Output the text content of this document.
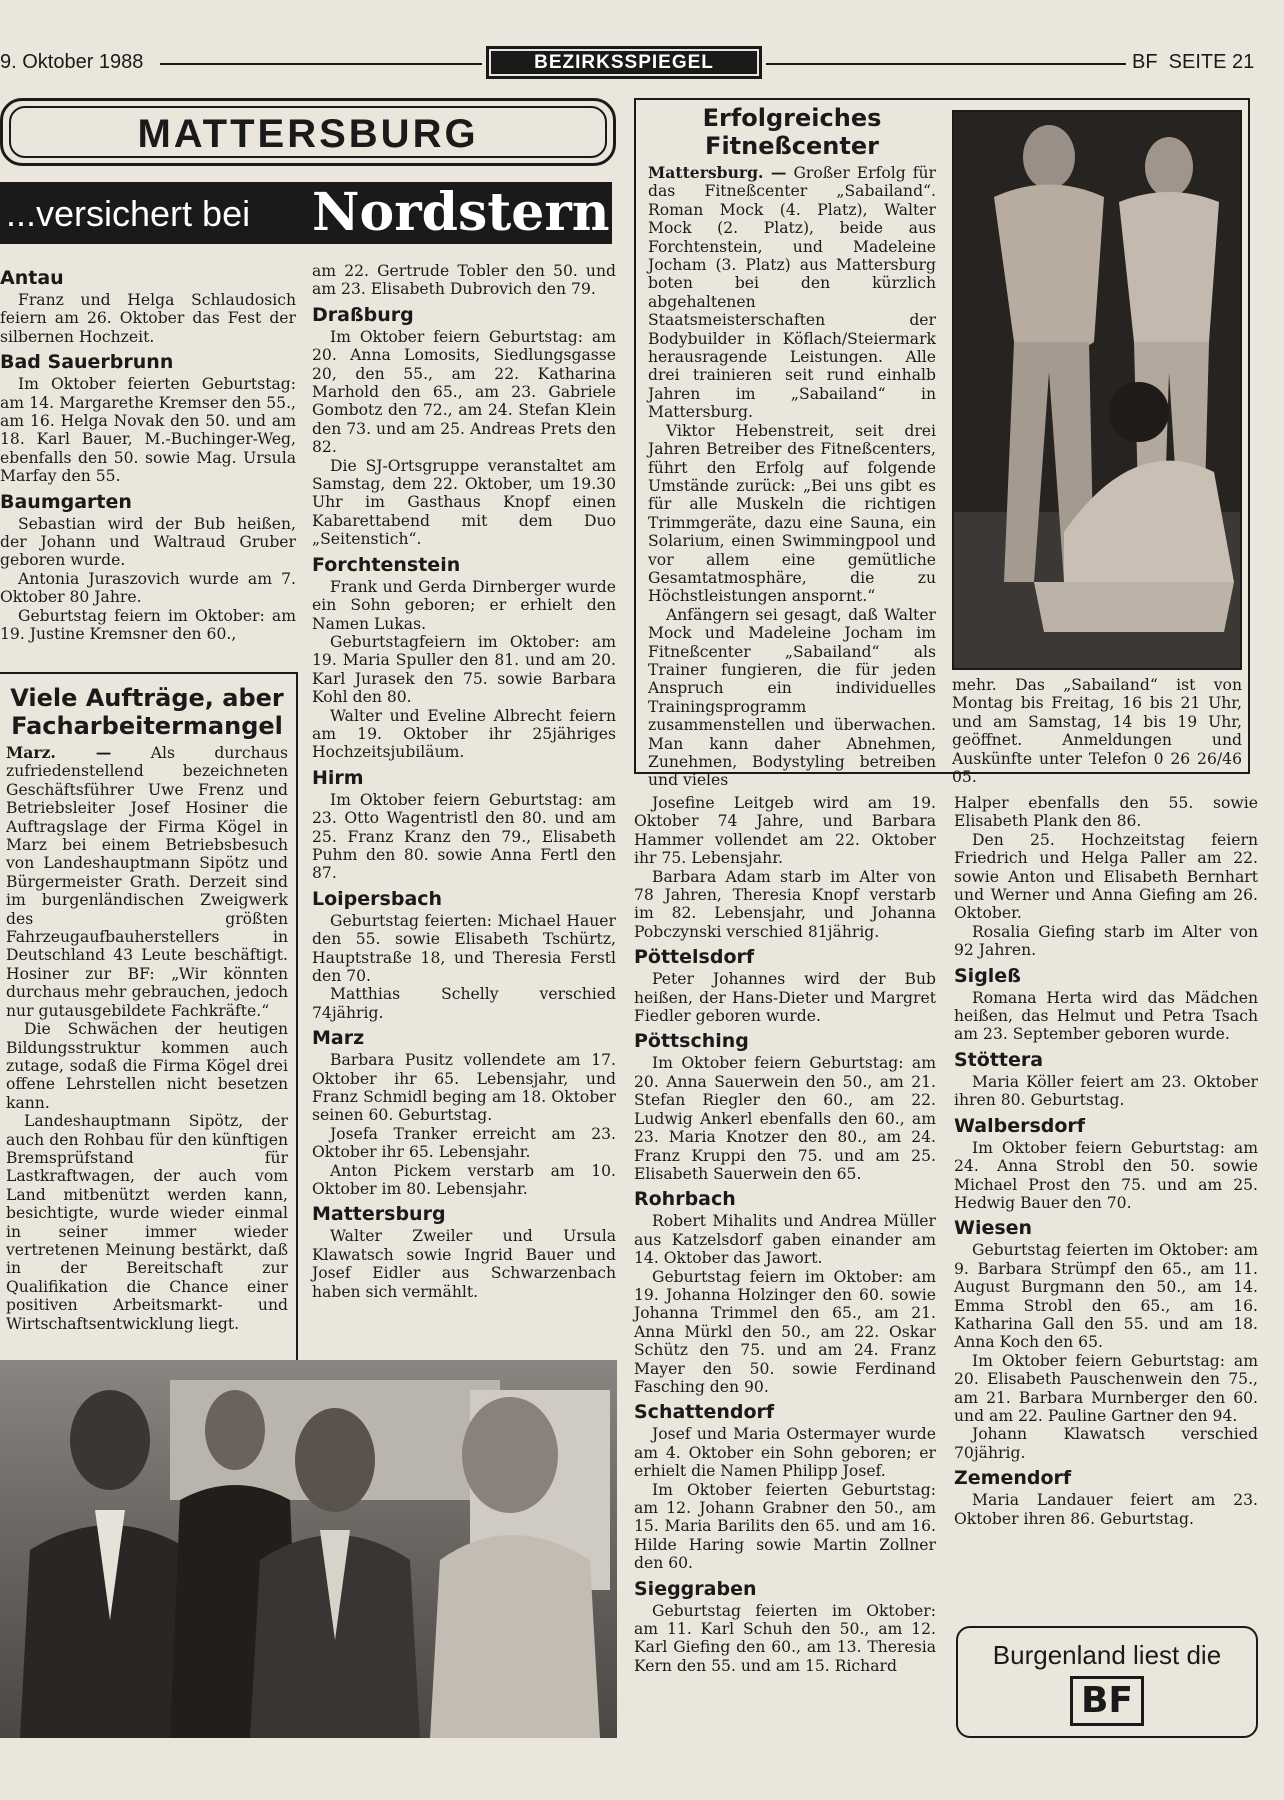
9. Oktober 1988	BEZIRKSSPIEGEL	BF  SEITE 21
MATTERSBURG
...versichert bei Nordstern
Antau

Franz und Helga Schlaudosich feiern am 26. Oktober das Fest der silbernen Hochzeit.

Bad Sauerbrunn

Im Oktober feierten Geburtstag: am 14. Margarethe Kremser den 55., am 16. Helga Novak den 50. und am 18. Karl Bauer, M.-Buchinger-Weg, ebenfalls den 50. sowie Mag. Ursula Marfay den 55.

Baumgarten

Sebastian wird der Bub heißen, der Johann und Waltraud Gruber geboren wurde.

Antonia Juraszovich wurde am 7. Oktober 80 Jahre.

Geburtstag feiern im Oktober: am 19. Justine Kremsner den 60.,

Viele Aufträge, aber Facharbeitermangel

Marz. —	Als durchaus zufriedenstellend bezeichneten Geschäftsführer Uwe Frenz und Betriebsleiter Josef Hosiner die Auftragslage der Firma Kögel in Marz bei einem Betriebsbesuch von Landeshauptmann Sipötz und Bürgermeister Grath. Derzeit sind im burgenländischen Zweigwerk des größten Fahrzeugaufbauherstellers in Deutschland 43 Leute beschäftigt. Hosiner zur BF: „Wir könnten durchaus mehr gebrauchen, jedoch nur gutausgebildete Fachkräfte.“

Die Schwächen der heutigen Bildungsstruktur kommen auch zutage, sodaß die Firma Kögel drei offene Lehrstellen nicht besetzen kann.

Landeshauptmann Sipötz, der auch den Rohbau für den künftigen Bremsprüfstand für Lastkraftwagen, der auch vom Land mitbenützt werden kann, besichtigte, wurde wieder einmal in seiner immer wieder vertretenen Meinung bestärkt, daß in der Bereitschaft zur Qualifikation die Chance einer positiven Arbeitsmarkt- und Wirtschaftsentwicklung liegt.

am 22. Gertrude Tobler den 50. und am 23. Elisabeth Dubrovich den 79.

Draßburg

Im Oktober feiern Geburtstag: am 20. Anna Lomosits, Siedlungsgasse 20, den 55., am 22. Katharina Marhold den 65., am 23. Gabriele Gombotz den 72., am 24. Stefan Klein den 73. und am 25. Andreas Prets den 82.

Die SJ-Ortsgruppe veranstaltet am Samstag, dem 22. Oktober, um 19.30 Uhr im Gasthaus Knopf einen Kabarettabend mit dem Duo „Seitenstich“.

Forchtenstein

Frank und Gerda Dirnberger wurde ein Sohn geboren; er erhielt den Namen Lukas.

Geburtstagfeiern im Oktober: am 19. Maria Spuller den 81. und am 20. Karl Jurasek den 75. sowie Barbara Kohl den 80.

Walter und Eveline Albrecht feiern am 19. Oktober ihr 25jähriges Hochzeitsjubiläum.

Hirm

Im Oktober feiern Geburtstag: am 23. Otto Wagentristl den 80. und am 25. Franz Kranz den 79., Elisabeth Puhm den 80. sowie Anna Fertl den 87.

Loipersbach

Geburtstag feierten: Michael Hauer den 55. sowie Elisabeth Tschürtz, Hauptstraße 18, und Theresia Ferstl den 70.

Matthias Schelly verschied 74jährig.

Marz

Barbara Pusitz vollendete am 17. Oktober ihr 65. Lebensjahr, und Franz Schmidl beging am 18. Oktober seinen 60. Geburtstag.

Josefa Tranker erreicht am 23. Oktober ihr 65. Lebensjahr.

Anton Pickem verstarb am 10. Oktober im 80. Lebensjahr.

Mattersburg

Walter Zweiler und Ursula Klawatsch sowie Ingrid Bauer und Josef Eidler aus Schwarzenbach haben sich vermählt.

Erfolgreiches Fitneßcenter

Mattersburg. — Großer Erfolg für das Fitneßcenter „Sabailand“. Roman Mock (4. Platz), Walter Mock (2. Platz), beide aus Forchtenstein, und Madeleine Jocham (3. Platz) aus Mattersburg boten bei den kürzlich abgehaltenen Staatsmeisterschaften der Bodybuilder in Köflach/Steiermark herausragende Leistungen. Alle drei trainieren seit rund einhalb Jahren im „Sabailand“ in Mattersburg.

Viktor Hebenstreit, seit drei Jahren Betreiber des Fitneßcenters, führt den Erfolg auf folgende Umstände zurück: „Bei uns gibt es für alle Muskeln die richtigen Trimmgeräte, dazu eine Sauna, ein Solarium, einen Swimmingpool und vor allem eine gemütliche Gesamtatmosphäre, die zu Höchstleistungen anspornt.“

Anfängern sei gesagt, daß Walter Mock und Madeleine Jocham im Fitneßcenter „Sabailand“ als Trainer fungieren, die für jeden Anspruch ein individuelles Trainingsprogramm zusammenstellen und überwachen. Man kann daher Abnehmen, Zunehmen, Bodystyling betreiben und vieles

mehr. Das „Sabailand“ ist von Montag bis Freitag, 16 bis 21 Uhr, und am Samstag, 14 bis 19 Uhr, geöffnet. Anmeldungen und Auskünfte unter Telefon 0 26 26/46 05.

Josefine Leitgeb wird am 19. Oktober 74 Jahre, und Barbara Hammer vollendet am 22. Oktober ihr 75. Lebensjahr.

Barbara Adam starb im Alter von 78 Jahren, Theresia Knopf verstarb im 82. Lebensjahr, und Johanna Pobczynski verschied 81jährig.

Pöttelsdorf

Peter Johannes wird der Bub heißen, der Hans-Dieter und Margret Fiedler geboren wurde.

Pöttsching

Im Oktober feiern Geburtstag: am 20. Anna Sauerwein den 50., am 21. Stefan Riegler den 60., am 22. Ludwig Ankerl ebenfalls den 60., am 23. Maria Knotzer den 80., am 24. Franz Kruppi den 75. und am 25. Elisabeth Sauerwein den 65.

Rohrbach

Robert Mihalits und Andrea Müller aus Katzelsdorf gaben einander am 14. Oktober das Jawort.

Geburtstag feiern im Oktober: am 19. Johanna Holzinger den 60. sowie Johanna Trimmel den 65., am 21. Anna Mürkl den 50., am 22. Oskar Schütz den 75. und am 24. Franz Mayer den 50. sowie Ferdinand Fasching den 90.

Schattendorf

Josef und Maria Ostermayer wurde am 4. Oktober ein Sohn geboren; er erhielt die Namen Philipp Josef.

Im Oktober feierten Geburtstag: am 12. Johann Grabner den 50., am 15. Maria Barilits den 65. und am 16. Hilde Haring sowie Martin Zollner den 60.

Sieggraben

Geburtstag feierten im Oktober: am 11. Karl Schuh den 50., am 12. Karl Giefing den 60., am 13. Theresia Kern den 55. und am 15. Richard

Halper ebenfalls den 55. sowie Elisabeth Plank den 86.

Den 25. Hochzeitstag feiern Friedrich und Helga Paller am 22. sowie Anton und Elisabeth Bernhart und Werner und Anna Giefing am 26. Oktober.

Rosalia Giefing starb im Alter von 92 Jahren.

Sigleß

Romana Herta wird das Mädchen heißen, das Helmut und Petra Tsach am 23. September geboren wurde.

Stöttera

Maria Köller feiert am 23. Oktober ihren 80. Geburtstag.

Walbersdorf

Im Oktober feiern Geburtstag: am 24. Anna Strobl den 50. sowie Michael Prost den 75. und am 25. Hedwig Bauer den 70.

Wiesen

Geburtstag feierten im Oktober: am 9. Barbara Strümpf den 65., am 11. August Burgmann den 50., am 14. Emma Strobl den 65., am 16. Katharina Gall den 55. und am 18. Anna Koch den 65.

Im Oktober feiern Geburtstag: am 20. Elisabeth Pauschenwein den 75., am 21. Barbara Murnberger den 60. und am 22. Pauline Gartner den 94.

Johann Klawatsch verschied 70jährig.

Zemendorf

Maria Landauer feiert am 23. Oktober ihren 86. Geburtstag.

Burgenland liest die
BF
